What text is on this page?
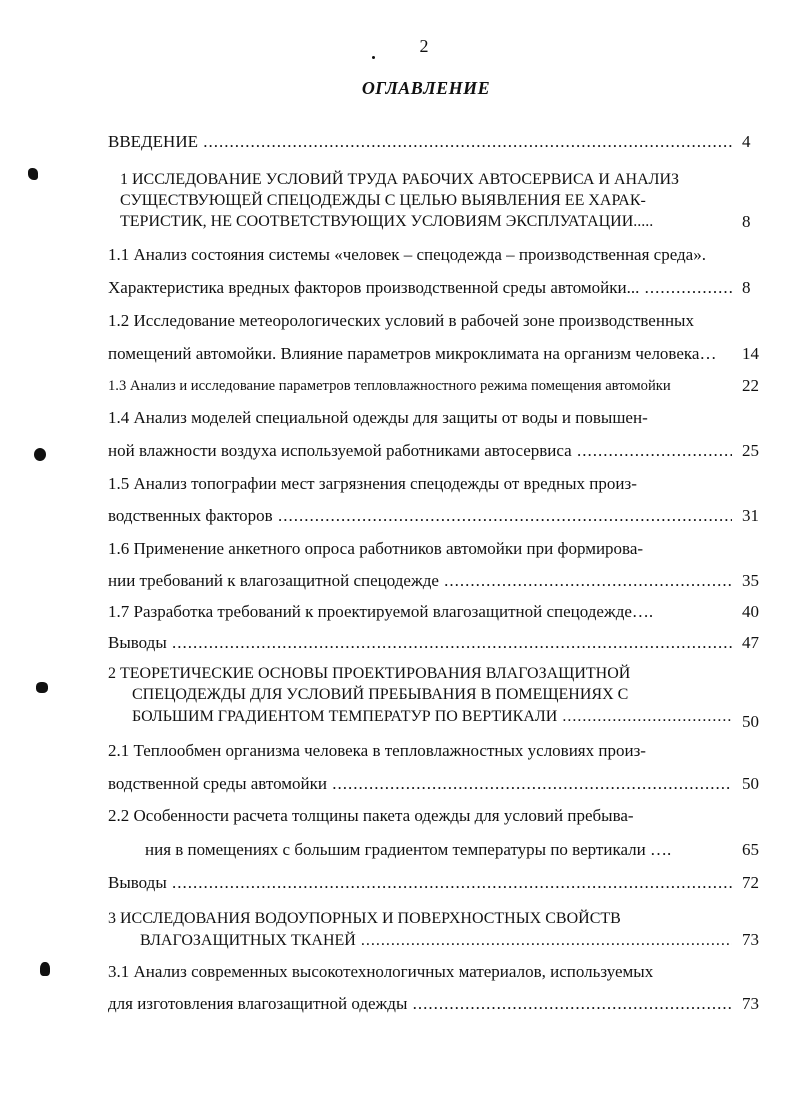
2
ОГЛАВЛЕНИЕ
ВВЕДЕНИЕ .....	4
1 ИССЛЕДОВАНИЕ УСЛОВИЙ ТРУДА РАБОЧИХ АВТОСЕРВИСА И АНАЛИЗ
СУЩЕСТВУЮЩЕЙ СПЕЦОДЕЖДЫ С ЦЕЛЬЮ ВЫЯВЛЕНИЯ ЕЕ ХАРАК-
ТЕРИСТИК, НЕ СООТВЕТСТВУЮЩИХ УСЛОВИЯМ ЭКСПЛУАТАЦИИ.....	8
1.1 Анализ состояния системы «человек – спецодежда – производственная среда».
Характеристика вредных факторов производственной среды автомойки... .....	8
1.2 Исследование метеорологических условий в рабочей зоне производственных
помещений автомойки. Влияние параметров микроклимата на организм человека…	14
1.3 Анализ и исследование параметров тепловлажностного режима помещения автомойки	22
1.4 Анализ моделей специальной одежды для защиты от воды и повышен-
ной влажности воздуха используемой работниками автосервиса .....	25
1.5 Анализ топографии мест загрязнения спецодежды от вредных произ-
водственных факторов .....	31
1.6 Применение анкетного опроса работников автомойки при формирова-
нии требований к влагозащитной спецодежде .....	35
1.7 Разработка требований к проектируемой влагозащитной спецодежде….	40
Выводы .....	47
2 ТЕОРЕТИЧЕСКИЕ ОСНОВЫ ПРОЕКТИРОВАНИЯ ВЛАГОЗАЩИТНОЙ
СПЕЦОДЕЖДЫ ДЛЯ УСЛОВИЙ ПРЕБЫВАНИЯ В ПОМЕЩЕНИЯХ С
БОЛЬШИМ ГРАДИЕНТОМ ТЕМПЕРАТУР ПО ВЕРТИКАЛИ .....	50
2.1 Теплообмен организма человека в тепловлажностных условиях произ-
водственной среды автомойки .....	50
2.2 Особенности расчета толщины пакета одежды для условий пребыва-
ния в помещениях с большим градиентом температуры по вертикали ….	65
Выводы .....	72
3 ИССЛЕДОВАНИЯ ВОДОУПОРНЫХ И ПОВЕРХНОСТНЫХ СВОЙСТВ
ВЛАГОЗАЩИТНЫХ ТКАНЕЙ .....	73
3.1 Анализ современных высокотехнологичных материалов, используемых
для изготовления влагозащитной одежды .....	73
